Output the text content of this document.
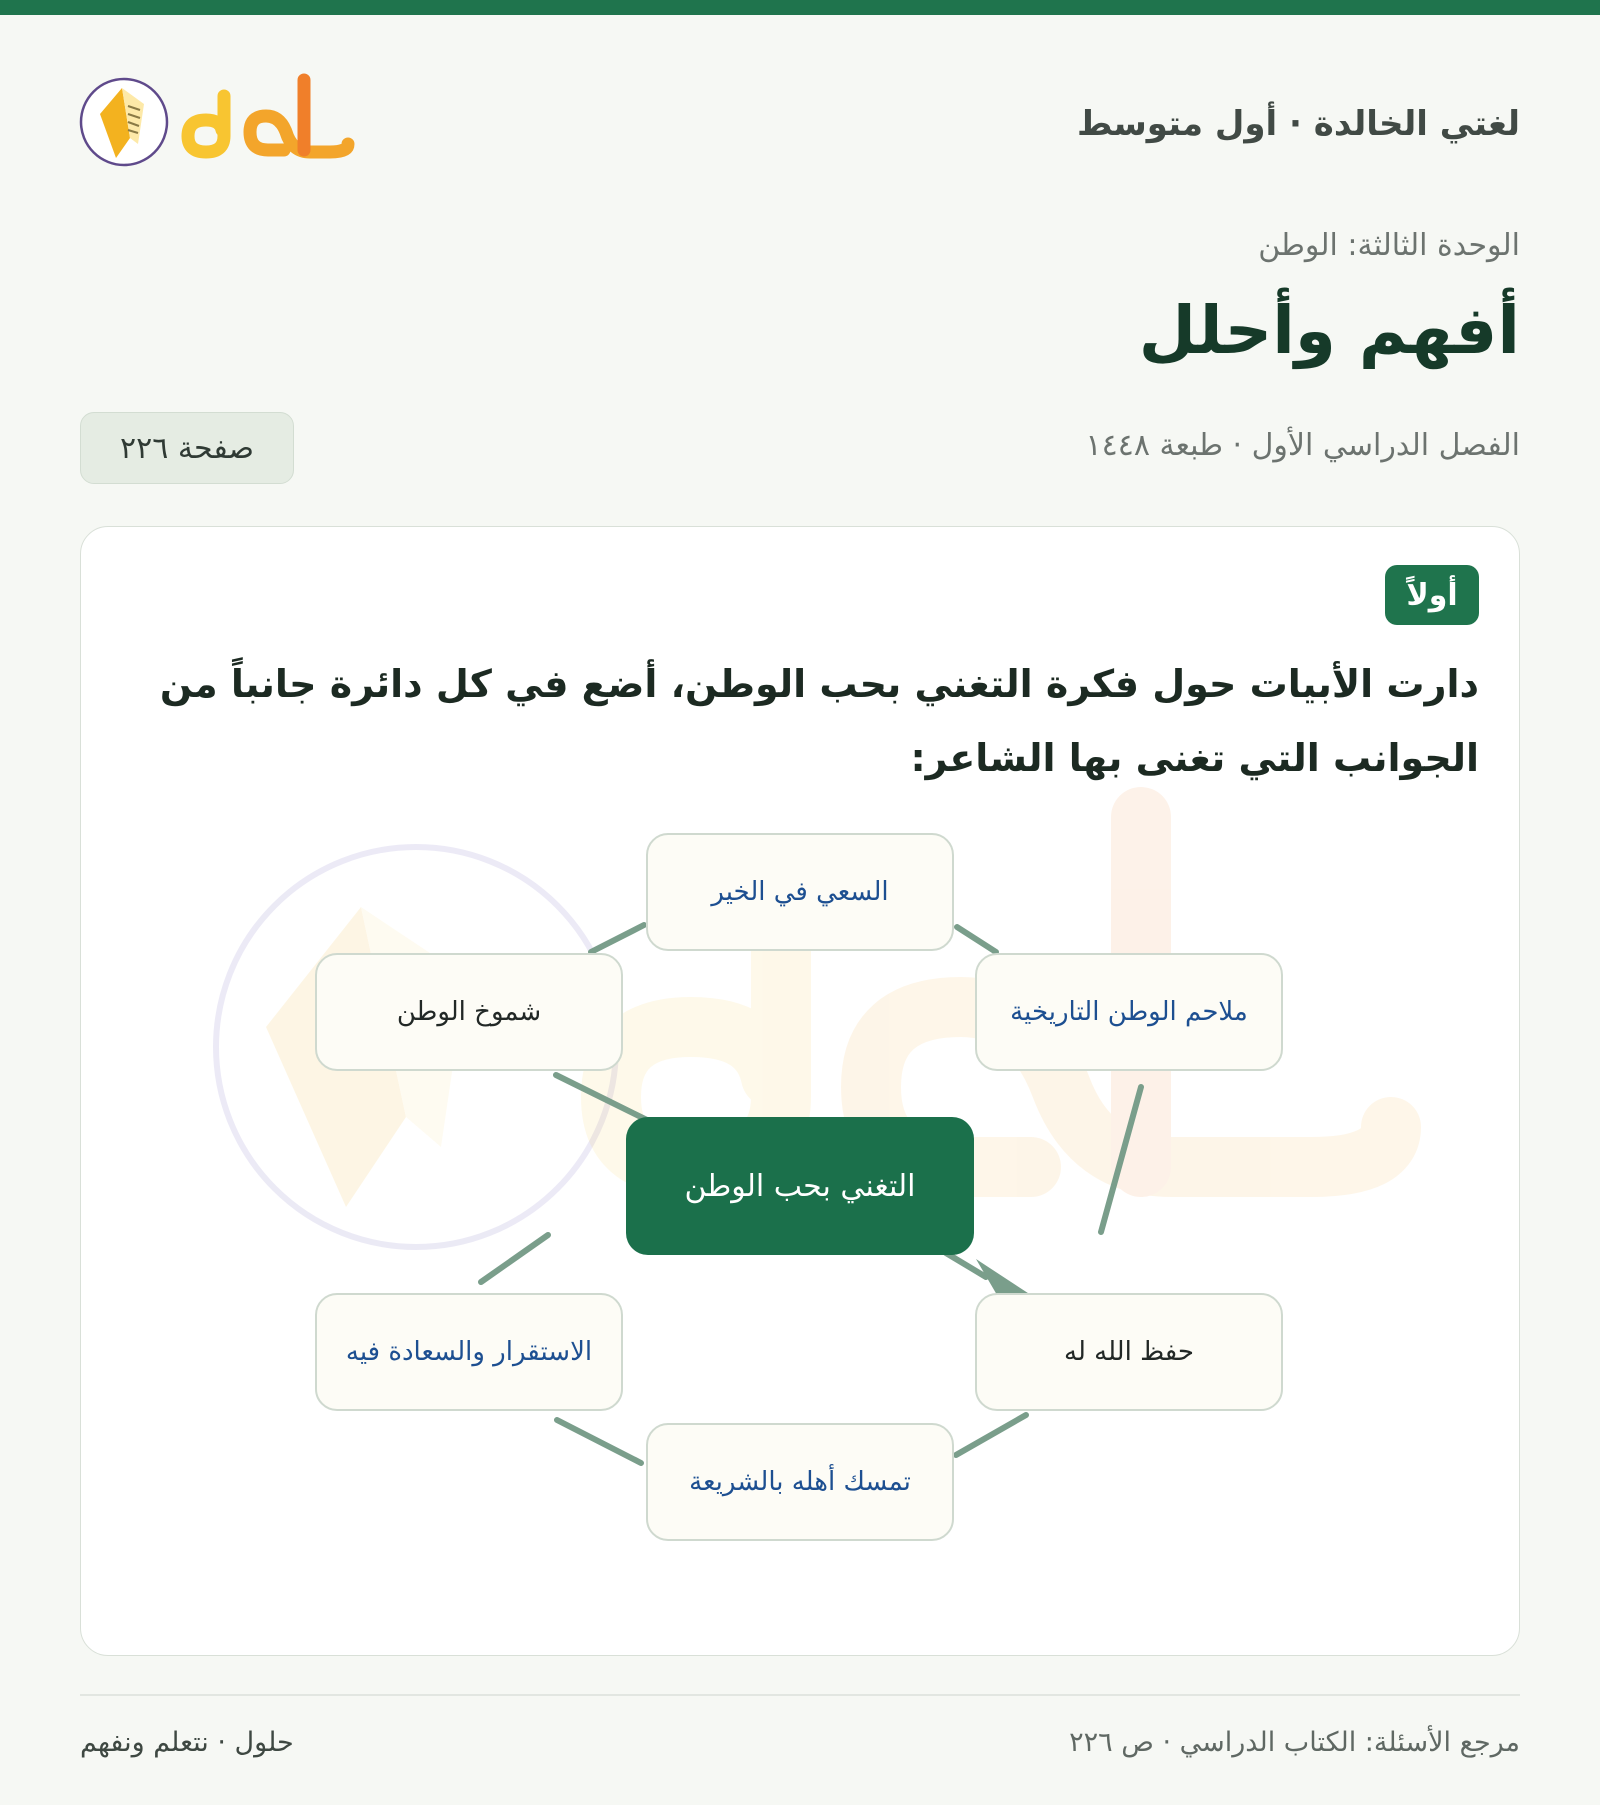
لغتي الخالدة · أول متوسط
الوحدة الثالثة: الوطن
أفهم وأحلل
الفصل الدراسي الأول · طبعة ١٤٤٨
صفحة ٢٢٦
أولاً
دارت الأبيات حول فكرة التغني بحب الوطن، أضع في كل دائرة جانباً من الجوانب التي تغنى بها الشاعر:
السعي في الخير
شموخ الوطن	ملاحم الوطن التاريخية
التغني بحب الوطن
الاستقرار والسعادة فيه	حفظ الله له
تمسك أهله بالشريعة
مرجع الأسئلة: الكتاب الدراسي · ص ٢٢٦
حلول · نتعلم ونفهم
